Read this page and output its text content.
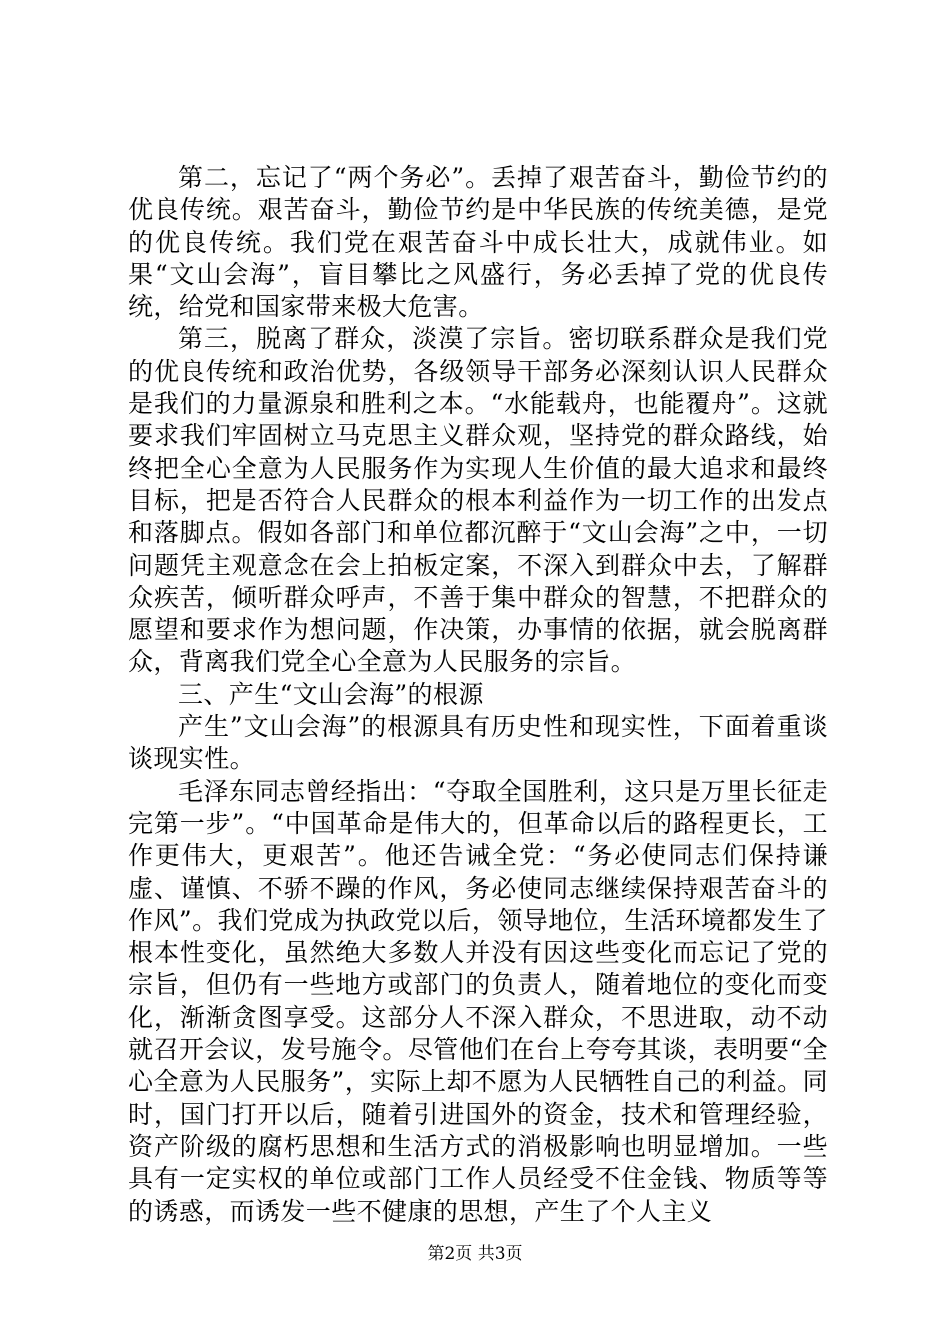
第二，忘记了“两个务必”。丢掉了艰苦奋斗，勤俭节约的优良传统。艰苦奋斗，勤俭节约是中华民族的传统美德，是党的优良传统。我们党在艰苦奋斗中成长壮大，成就伟业。如果“文山会海”，盲目攀比之风盛行，务必丢掉了党的优良传统，给党和国家带来极大危害。

第三，脱离了群众，淡漠了宗旨。密切联系群众是我们党的优良传统和政治优势，各级领导干部务必深刻认识人民群众是我们的力量源泉和胜利之本。“水能载舟，也能覆舟”。这就要求我们牢固树立马克思主义群众观，坚持党的群众路线，始终把全心全意为人民服务作为实现人生价值的最大追求和最终目标，把是否符合人民群众的根本利益作为一切工作的出发点和落脚点。假如各部门和单位都沉醉于“文山会海”之中，一切问题凭主观意念在会上拍板定案，不深入到群众中去，了解群众疾苦，倾听群众呼声，不善于集中群众的智慧，不把群众的愿望和要求作为想问题，作决策，办事情的依据，就会脱离群众，背离我们党全心全意为人民服务的宗旨。

三、产生“文山会海”的根源

产生”文山会海”的根源具有历史性和现实性，下面着重谈谈现实性。

毛泽东同志曾经指出：“夺取全国胜利，这只是万里长征走完第一步”。“中国革命是伟大的，但革命以后的路程更长，工作更伟大，更艰苦”。他还告诫全党：“务必使同志们保持谦虚、谨慎、不骄不躁的作风，务必使同志继续保持艰苦奋斗的作风”。我们党成为执政党以后，领导地位，生活环境都发生了根本性变化，虽然绝大多数人并没有因这些变化而忘记了党的宗旨，但仍有一些地方或部门的负责人，随着地位的变化而变化，渐渐贪图享受。这部分人不深入群众，不思进取，动不动就召开会议，发号施令。尽管他们在台上夸夸其谈，表明要“全心全意为人民服务”，实际上却不愿为人民牺牲自己的利益。同时，国门打开以后，随着引进国外的资金，技术和管理经验，资产阶级的腐朽思想和生活方式的消极影响也明显增加。一些具有一定实权的单位或部门工作人员经受不住金钱、物质等等的诱惑，而诱发一些不健康的思想，产生了个人主义

第2页 共3页
